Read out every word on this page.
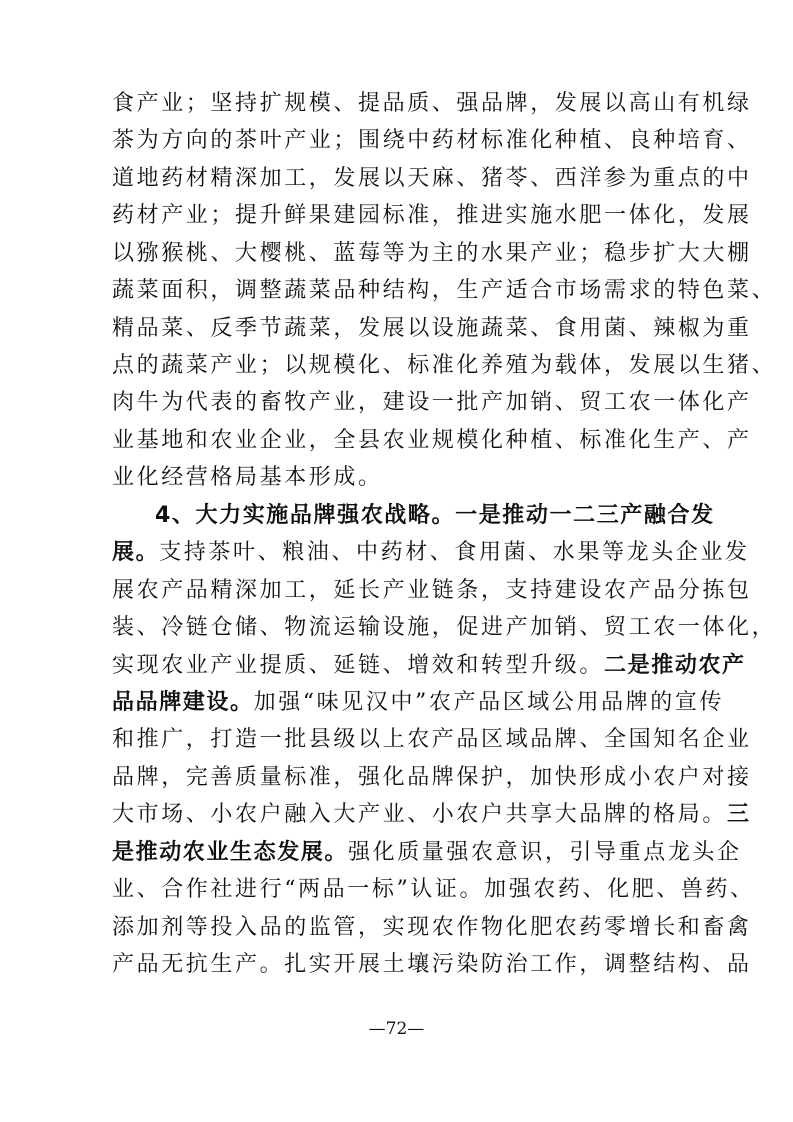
食产业；坚持扩规模、提品质、强品牌，发展以高山有机绿
茶为方向的茶叶产业；围绕中药材标准化种植、良种培育、
道地药材精深加工，发展以天麻、猪苓、西洋参为重点的中
药材产业；提升鲜果建园标准，推进实施水肥一体化，发展
以猕猴桃、大樱桃、蓝莓等为主的水果产业；稳步扩大大棚
蔬菜面积，调整蔬菜品种结构，生产适合市场需求的特色菜、
精品菜、反季节蔬菜，发展以设施蔬菜、食用菌、辣椒为重
点的蔬菜产业；以规模化、标准化养殖为载体，发展以生猪、
肉牛为代表的畜牧产业，建设一批产加销、贸工农一体化产
业基地和农业企业，全县农业规模化种植、标准化生产、产
业化经营格局基本形成。
4、大力实施品牌强农战略。一是推动一二三产融合发
展。支持茶叶、粮油、中药材、食用菌、水果等龙头企业发
展农产品精深加工，延长产业链条，支持建设农产品分拣包
装、冷链仓储、物流运输设施，促进产加销、贸工农一体化，
实现农业产业提质、延链、增效和转型升级。二是推动农产
品品牌建设。加强“味见汉中”农产品区域公用品牌的宣传
和推广，打造一批县级以上农产品区域品牌、全国知名企业
品牌，完善质量标准，强化品牌保护，加快形成小农户对接
大市场、小农户融入大产业、小农户共享大品牌的格局。三
是推动农业生态发展。强化质量强农意识，引导重点龙头企
业、合作社进行“两品一标”认证。加强农药、化肥、兽药、
添加剂等投入品的监管，实现农作物化肥农药零增长和畜禽
产品无抗生产。扎实开展土壤污染防治工作，调整结构、品
—72—
